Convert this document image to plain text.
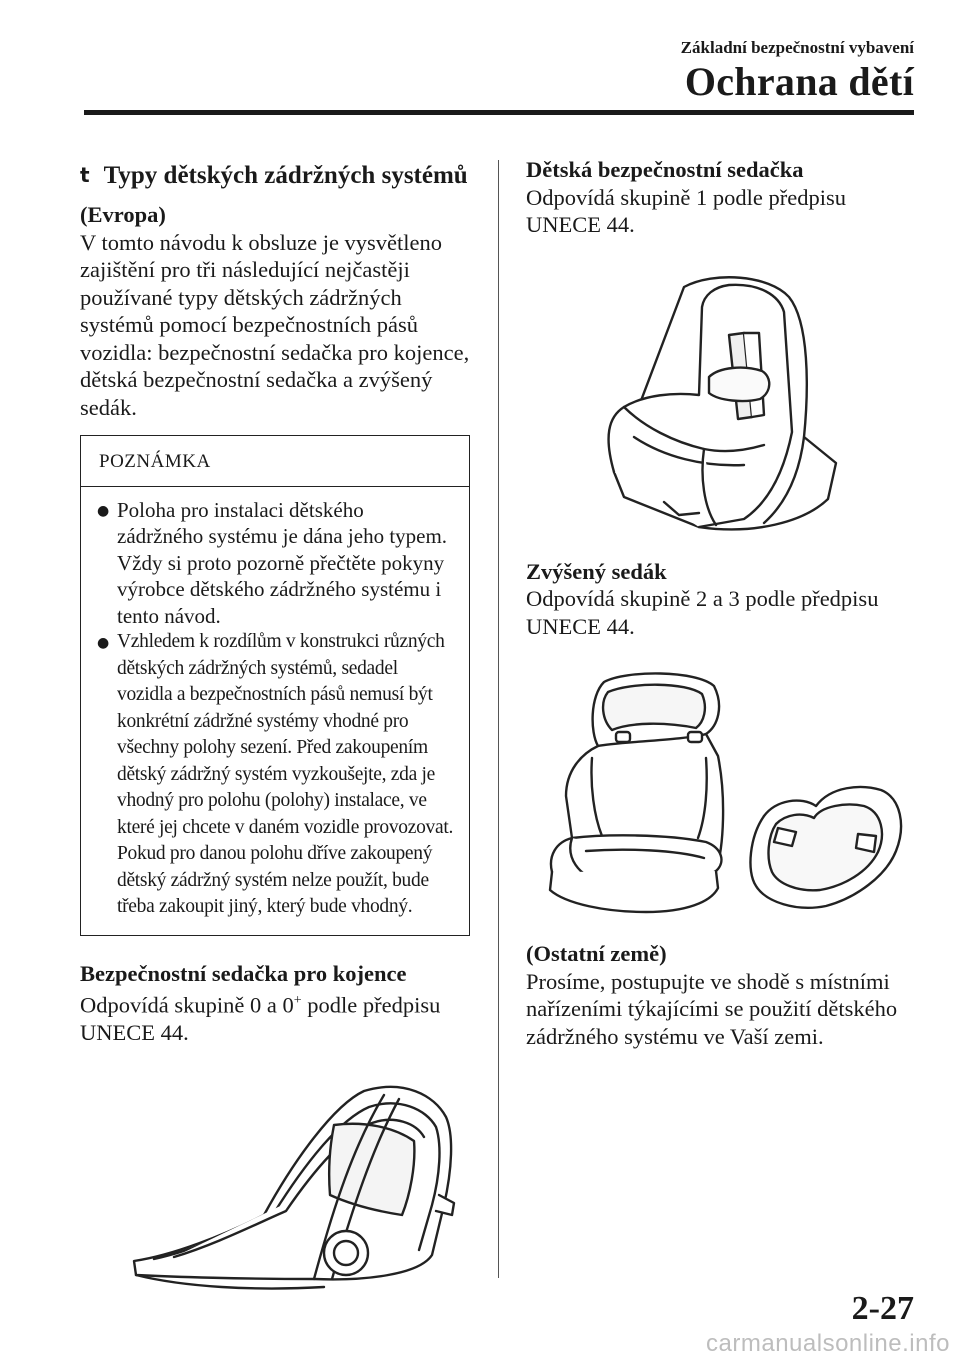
Základní bezpečnostní vybavení
Ochrana dětí
t Typy dětských zádržných systémů
(Evropa)

V tomto návodu k obsluze je vysvětleno zajištění pro tři následující nejčastěji používané typy dětských zádržných systémů pomocí bezpečnostních pásů vozidla: bezpečnostní sedačka pro kojence, dětská bezpečnostní sedačka a zvýšený sedák.

POZNÁMKA
● Poloha pro instalaci dětského zádržného systému je dána jeho typem. Vždy si proto pozorně přečtěte pokyny výrobce dětského zádržného systému i tento návod.
● Vzhledem k rozdílům v konstrukci různých dětských zádržných systémů, sedadel vozidla a bezpečnostních pásů nemusí být konkrétní zádržné systémy vhodné pro všechny polohy sezení. Před zakoupením dětský zádržný systém vyzkoušejte, zda je vhodný pro polohu (polohy) instalace, ve které jej chcete v daném vozidle provozovat. Pokud pro danou polohu dříve zakoupený dětský zádržný systém nelze použít, bude třeba zakoupit jiný, který bude vhodný.
Bezpečnostní sedačka pro kojence

Odpovídá skupině 0 a 0+ podle předpisu UNECE 44.

Dětská bezpečnostní sedačka

Odpovídá skupině 1 podle předpisu UNECE 44.

Zvýšený sedák

Odpovídá skupině 2 a 3 podle předpisu UNECE 44.

(Ostatní země)

Prosíme, postupujte ve shodě s místními nařízeními týkajícími se použití dětského zádržného systému ve Vaší zemi.

2-27
carmanualsonline.info
